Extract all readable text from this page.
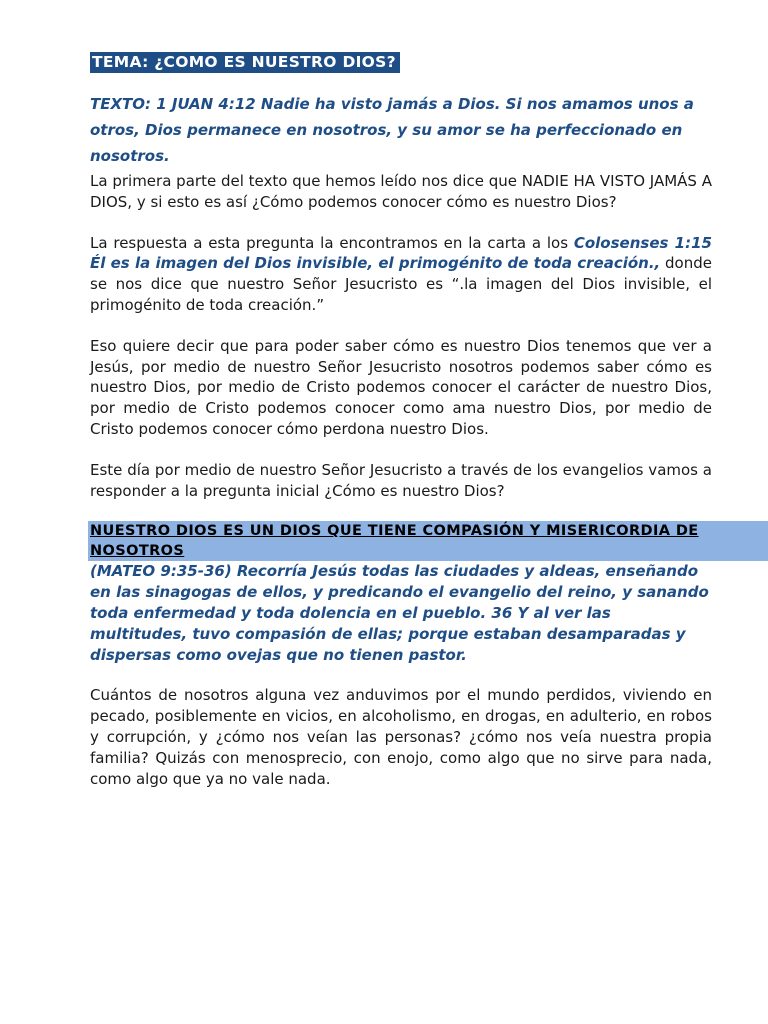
TEMA: ¿COMO ES NUESTRO DIOS?
TEXTO: 1 JUAN 4:12 Nadie ha visto jamás a Dios. Si nos amamos unos a otros, Dios permanece en nosotros, y su amor se ha perfeccionado en nosotros.
La primera parte del texto que hemos leído nos dice que NADIE HA VISTO JAMÁS A DIOS, y si esto es así ¿Cómo podemos conocer cómo es nuestro Dios?
La respuesta a esta pregunta la encontramos en la carta a los Colosenses 1:15 Él es la imagen del Dios invisible, el primogénito de toda creación., donde se nos dice que nuestro Señor Jesucristo es “.la imagen del Dios invisible, el primogénito de toda creación.”
Eso quiere decir que para poder saber cómo es nuestro Dios tenemos que ver a Jesús, por medio de nuestro Señor Jesucristo nosotros podemos saber cómo es nuestro Dios, por medio de Cristo podemos conocer el carácter de nuestro Dios, por medio de Cristo podemos conocer como ama nuestro Dios, por medio de Cristo podemos conocer cómo perdona nuestro Dios.
Este día por medio de nuestro Señor Jesucristo a través de los evangelios vamos a responder a la pregunta inicial ¿Cómo es nuestro Dios?
NUESTRO DIOS ES UN DIOS QUE TIENE COMPASIÓN Y MISERICORDIA DE NOSOTROS
(MATEO 9:35-36) Recorría Jesús todas las ciudades y aldeas, enseñando en las sinagogas de ellos, y predicando el evangelio del reino, y sanando toda enfermedad y toda dolencia en el pueblo. 36 Y al ver las multitudes, tuvo compasión de ellas; porque estaban desamparadas y dispersas como ovejas que no tienen pastor.
Cuántos de nosotros alguna vez anduvimos por el mundo perdidos, viviendo en pecado, posiblemente en vicios, en alcoholismo, en drogas, en adulterio, en robos y corrupción, y ¿cómo nos veían las personas? ¿cómo nos veía nuestra propia familia? Quizás con menosprecio, con enojo, como algo que no sirve para nada, como algo que ya no vale nada.
